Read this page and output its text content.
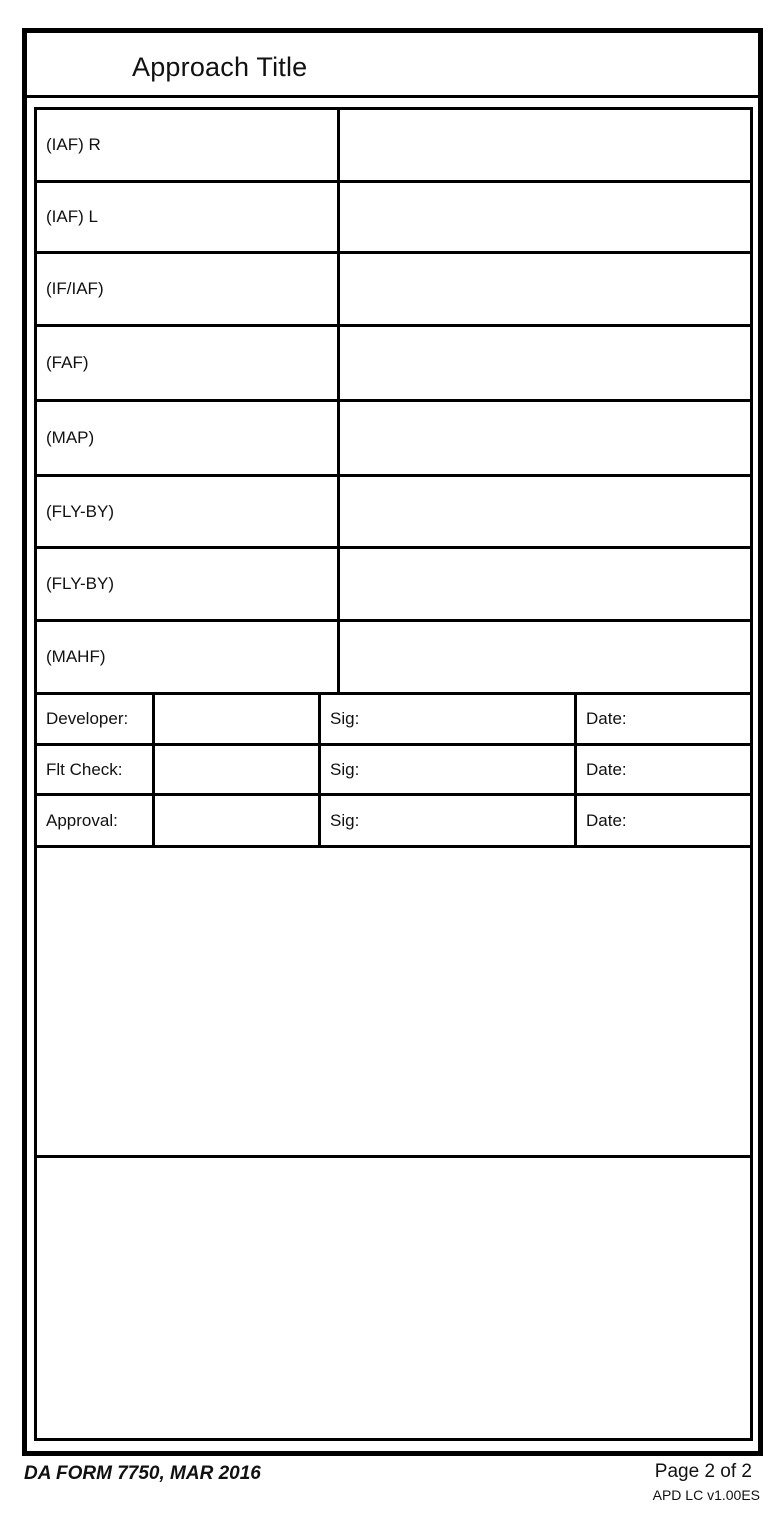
Approach Title
(IAF) R
(IAF) L
(IF/IAF)
(FAF)
(MAP)
(FLY-BY)
(FLY-BY)
(MAHF)
Developer:	Sig:	Date:
Flt Check:	Sig:	Date:
Approval:	Sig:	Date:
DA FORM 7750, MAR 2016	Page 2 of 2
APD LC v1.00ES
